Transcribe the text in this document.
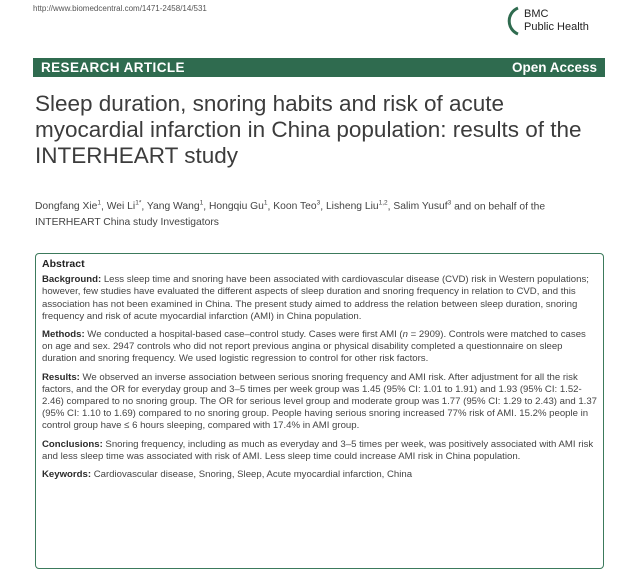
http://www.biomedcentral.com/1471-2458/14/531	BMC
Public Health
RESEARCH ARTICLE	Open Access
Sleep duration, snoring habits and risk of acute myocardial infarction in China population: results of the INTERHEART study
Dongfang Xie$^1$, Wei $Li^{1*}$, Yang Wang$^1$, Hongqiu Gu$^1$, Koon Teo$^3$, Lisheng Liu$^{1,2}$, Salim Yusuf$^3$ and on behalf of the INTERHEART China study Investigators
Abstract

Background: Less sleep time and snoring have been associated with cardiovascular disease (CVD) risk in Western populations; however, few studies have evaluated the different aspects of sleep duration and snoring frequency in relation to CVD, and this association has not been examined in China. The present study aimed to address the relation between sleep duration, snoring frequency and risk of acute myocardial infarction (AMI) in China population.

Methods: We conducted a hospital-based case–control study. Cases were first AMI (n = 2909). Controls were matched to cases on age and sex. 2947 controls who did not report previous angina or physical disability completed a questionnaire on sleep duration and snoring frequency. We used logistic regression to control for other risk factors.

Results: We observed an inverse association between serious snoring frequency and AMI risk. After adjustment for all the risk factors, and the OR for everyday group and 3–5 times per week group was 1.45 (95% CI: 1.01 to 1.91) and 1.93 (95% CI: 1.52-2.46) compared to no snoring group. The OR for serious level group and moderate group was 1.77 (95% CI: 1.29 to 2.43) and 1.37 (95% CI: 1.10 to 1.69) compared to no snoring group. People having serious snoring increased 77% risk of AMI. 15.2% people in control group have ≤ 6 hours sleeping, compared with 17.4% in AMI group.

Conclusions: Snoring frequency, including as much as everyday and 3–5 times per week, was positively associated with AMI risk and less sleep time was associated with risk of AMI. Less sleep time could increase AMI risk in China population.

Keywords: Cardiovascular disease, Snoring, Sleep, Acute myocardial infarction, China
